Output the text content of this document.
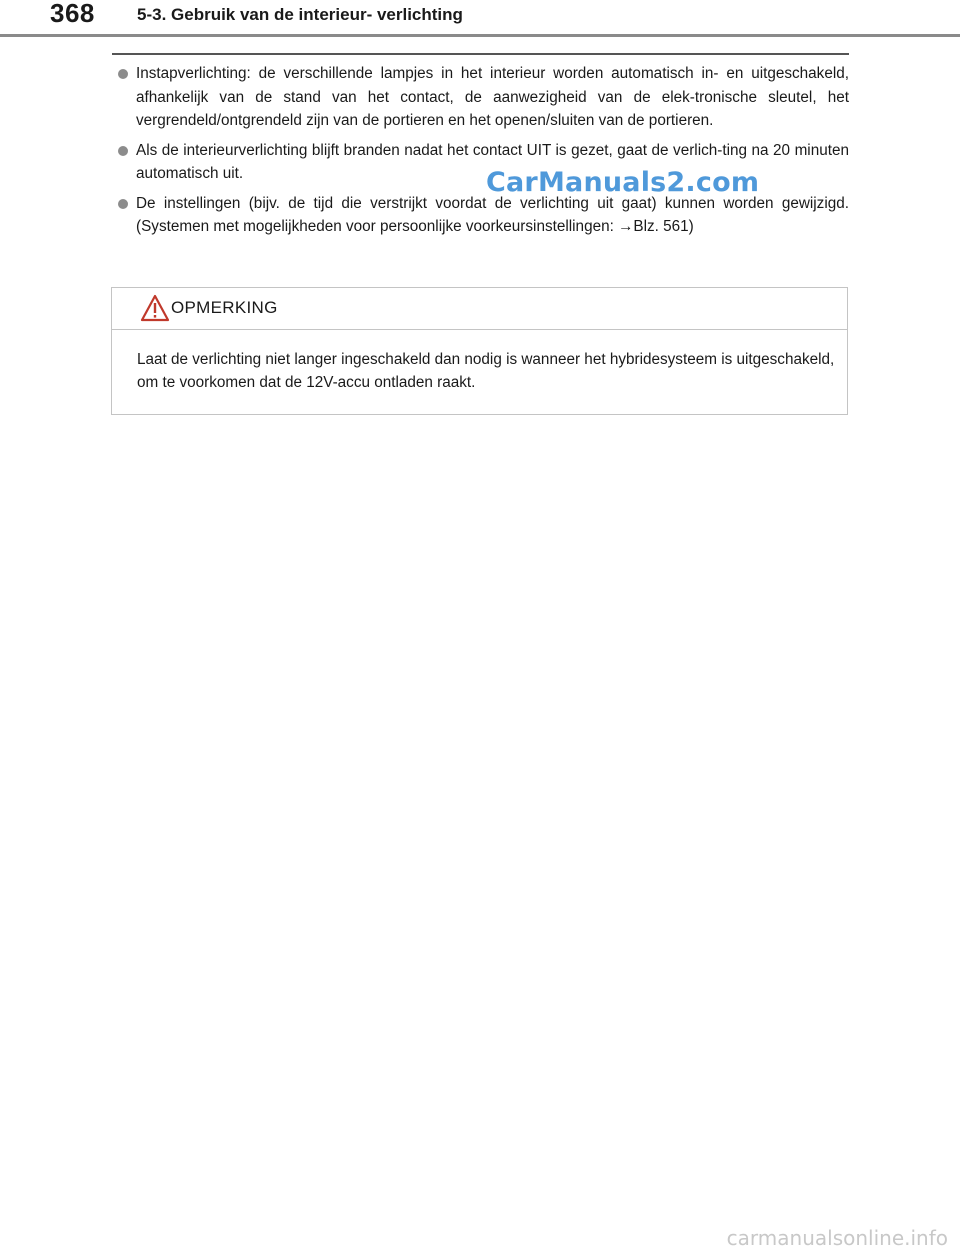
368 5-3. Gebruik van de interieur- verlichting
Instapverlichting: de verschillende lampjes in het interieur worden automatisch in- en uitgeschakeld, afhankelijk van de stand van het contact, de aanwezigheid van de elek-tronische sleutel, het vergrendeld/ontgrendeld zijn van de portieren en het openen/sluiten van de portieren.
Als de interieurverlichting blijft branden nadat het contact UIT is gezet, gaat de verlich-ting na 20 minuten automatisch uit.
De instellingen (bijv. de tijd die verstrijkt voordat de verlichting uit gaat) kunnen worden gewijzigd. (Systemen met mogelijkheden voor persoonlijke voorkeursinstellingen: →Blz. 561)
CarManuals2.com
OPMERKING
Laat de verlichting niet langer ingeschakeld dan nodig is wanneer het hybridesysteem is uitgeschakeld, om te voorkomen dat de 12V-accu ontladen raakt.
carmanualsonline.info
